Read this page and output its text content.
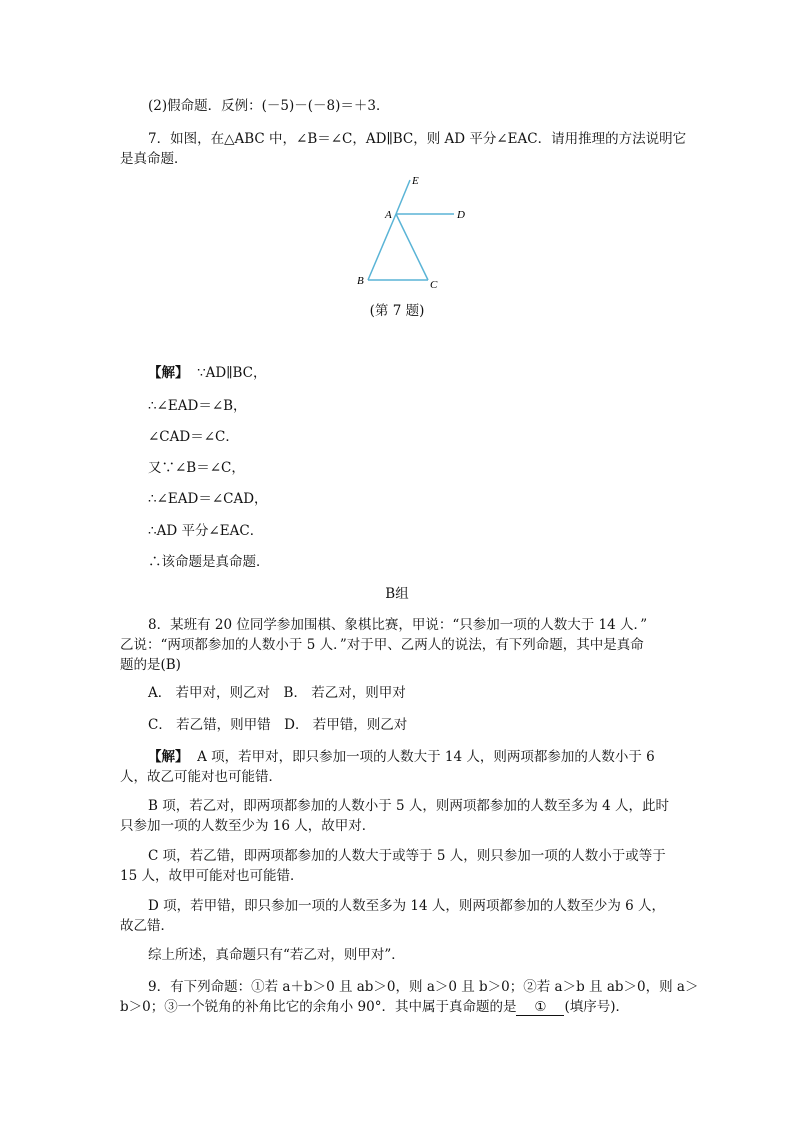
(2)假命题．反例：(－5)－(－8)＝＋3．
7．如图，在△ABC 中，∠B＝∠C，AD∥BC，则 AD 平分∠EAC．请用推理的方法说明它
是真命题．
E
A	D
B	C
(第 7 题)
【解】 ∵AD∥BC，
∴∠EAD＝∠B，
∠CAD＝∠C．
又∵∠B＝∠C，
∴∠EAD＝∠CAD，
∴AD 平分∠EAC．
∴该命题是真命题．
B组
8．某班有 20 位同学参加围棋、象棋比赛，甲说：“只参加一项的人数大于 14 人．”
乙说：“两项都参加的人数小于 5 人．”对于甲、乙两人的说法，有下列命题，其中是真命
题的是(B)
A． 若甲对，则乙对　B． 若乙对，则甲对
C． 若乙错，则甲错　D． 若甲错，则乙对
【解】 A 项，若甲对，即只参加一项的人数大于 14 人，则两项都参加的人数小于 6
人，故乙可能对也可能错．
B 项，若乙对，即两项都参加的人数小于 5 人，则两项都参加的人数至多为 4 人，此时
只参加一项的人数至少为 16 人，故甲对．
C 项，若乙错，即两项都参加的人数大于或等于 5 人，则只参加一项的人数小于或等于
15 人，故甲可能对也可能错．
D 项，若甲错，即只参加一项的人数至多为 14 人，则两项都参加的人数至少为 6 人，
故乙错．
综上所述，真命题只有“若乙对，则甲对”．
9．有下列命题：①若 a＋b＞0 且 ab＞0，则 a＞0 且 b＞0；②若 a＞b 且 ab＞0，则 a＞
b＞0；③一个锐角的补角比它的余角小 90°．其中属于真命题的是 ① (填序号)．
